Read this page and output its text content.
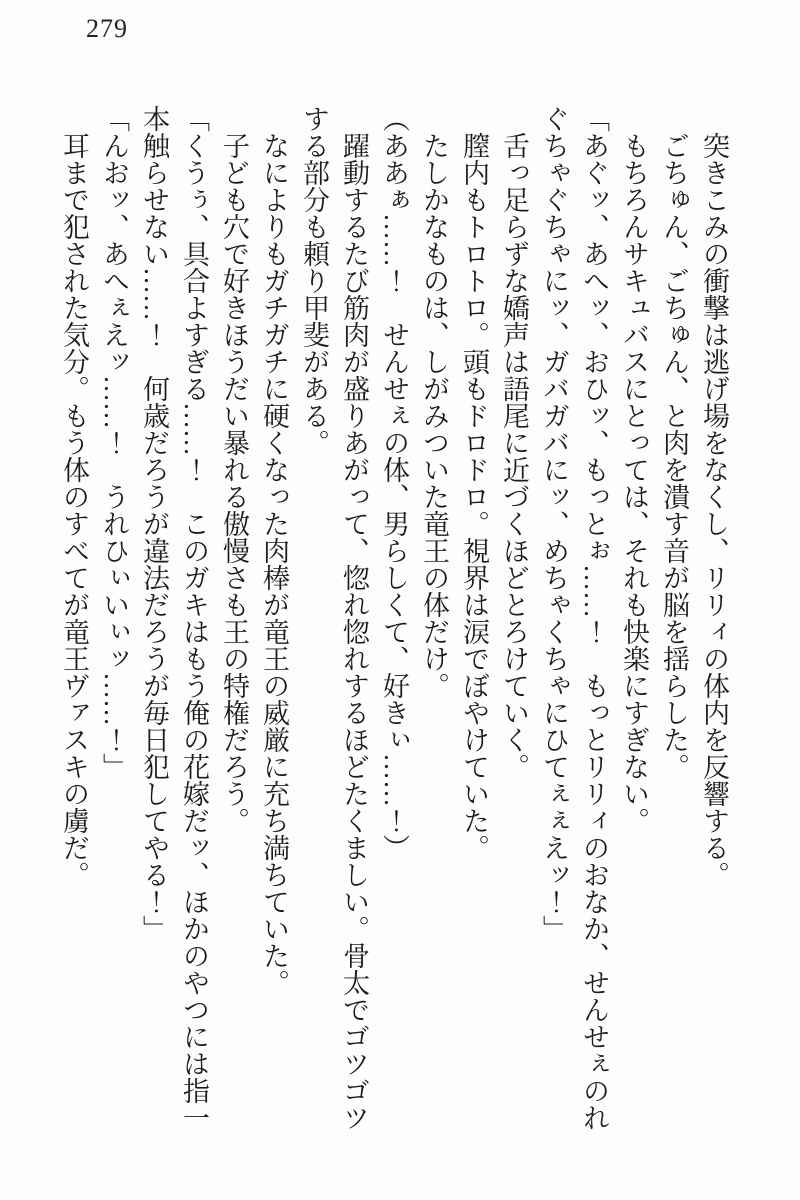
279

　突きこみの衝撃は逃げ場をなくし、リリィの体内を反響する。

　ごちゅん、ごちゅん、と肉を潰す音が脳を揺らした。

　もちろんサキュバスにとっては、それも快楽にすぎない。

「あぐッ、あへッ、おひッ、もっとぉ……！　もっとリリィのおなか、せんせぇのれ

ぐちゃぐちゃにッ、ガバガバにッ、めちゃくちゃにひてぇぇえッ！」

　舌っ足らずな嬌声は語尾に近づくほどとろけていく。

　膣内もトロトロ。頭もドロドロ。視界は涙でぼやけていた。

　たしかなものは、しがみついた竜王の体だけ。

（ああぁ……！　せんせぇの体、男らしくて、好きぃ……！）

　躍動するたび筋肉が盛りあがって、惚れ惚れするほどたくましい。骨太でゴツゴツ

する部分も頼り甲斐がある。

　なによりもガチガチに硬くなった肉棒が竜王の威厳に充ち満ちていた。

　子ども穴で好きほうだい暴れる傲慢さも王の特権だろう。

「くうぅ、具合よすぎる……！　このガキはもう俺の花嫁だッ、ほかのやつには指一

本触らせない……！　何歳だろうが違法だろうが毎日犯してやる！」

「んおッ、あへぇえッ……！　うれひぃいぃッ……！」

　耳まで犯された気分。もう体のすべてが竜王ヴァスキの虜だ。
